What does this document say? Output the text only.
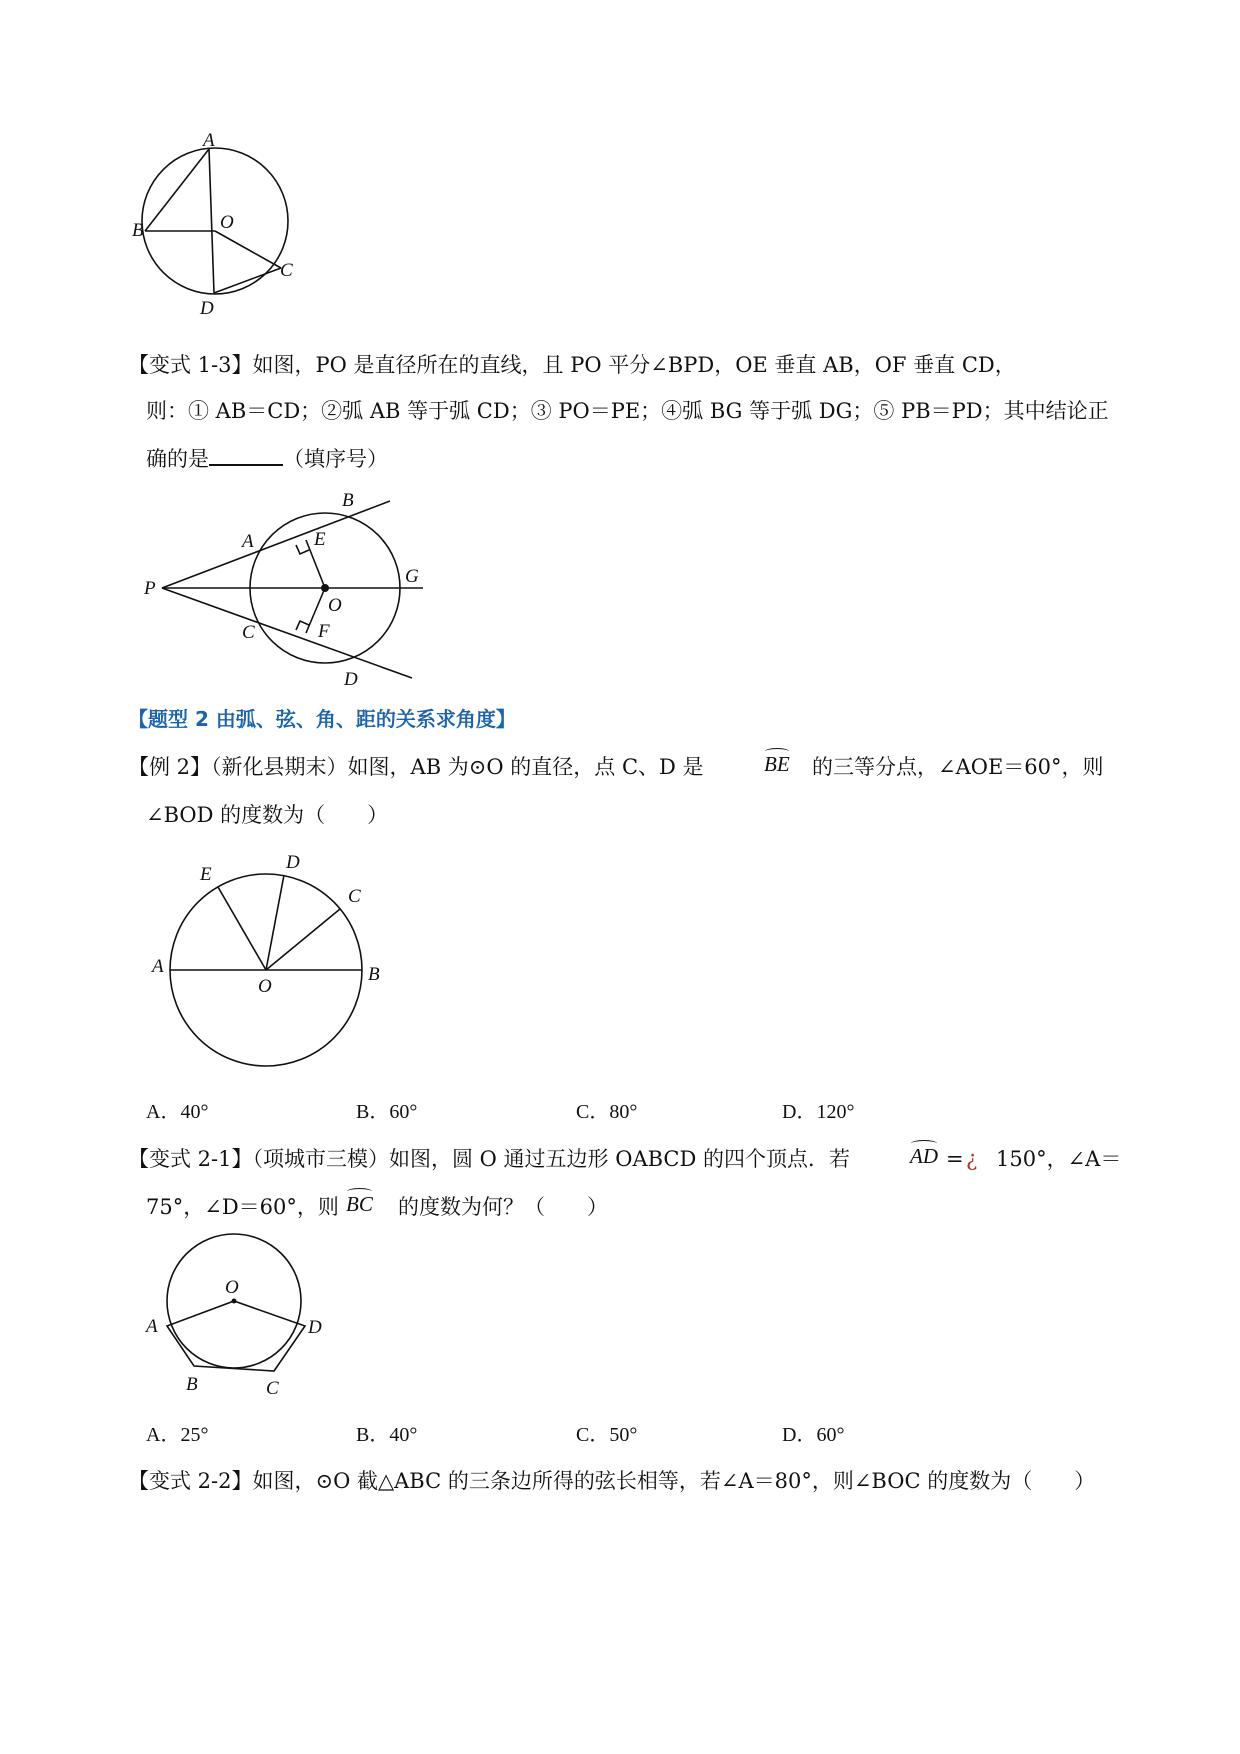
A
B	O
C
D
【变式 1-3】如图，PO 是直径所在的直线，且 PO 平分∠BPD，OE 垂直 AB，OF 垂直 CD，
则：① AB＝CD；②弧 AB 等于弧 CD；③ PO＝PE；④弧 BG 等于弧 DG；⑤ PB＝PD；其中结论正
确的是	（填序号）
P
A
B
E
G
O
C	F
D
【题型 2 由弧、弦、角、距的关系求角度】
【例 2】（新化县期末）如图，AB 为⊙O 的直径，点 C、D 是	BE 的三等分点，∠AOE＝60°，则
∠BOD 的度数为（　　）
A	B
O
C
D
E
A．40°	B．60°	C．80°	D．120°
【变式 2-1】（项城市三模）如图，圆 O 通过五边形 OABCD 的四个顶点．若	AD = ¿ 150°，∠A＝
75°，∠D＝60°，则 BC 的度数为何？（　　）
O
A	D
B	C
A．25°	B．40°	C．50°	D．60°
【变式 2-2】如图，⊙O 截△ABC 的三条边所得的弦长相等，若∠A＝80°，则∠BOC 的度数为（　　）
